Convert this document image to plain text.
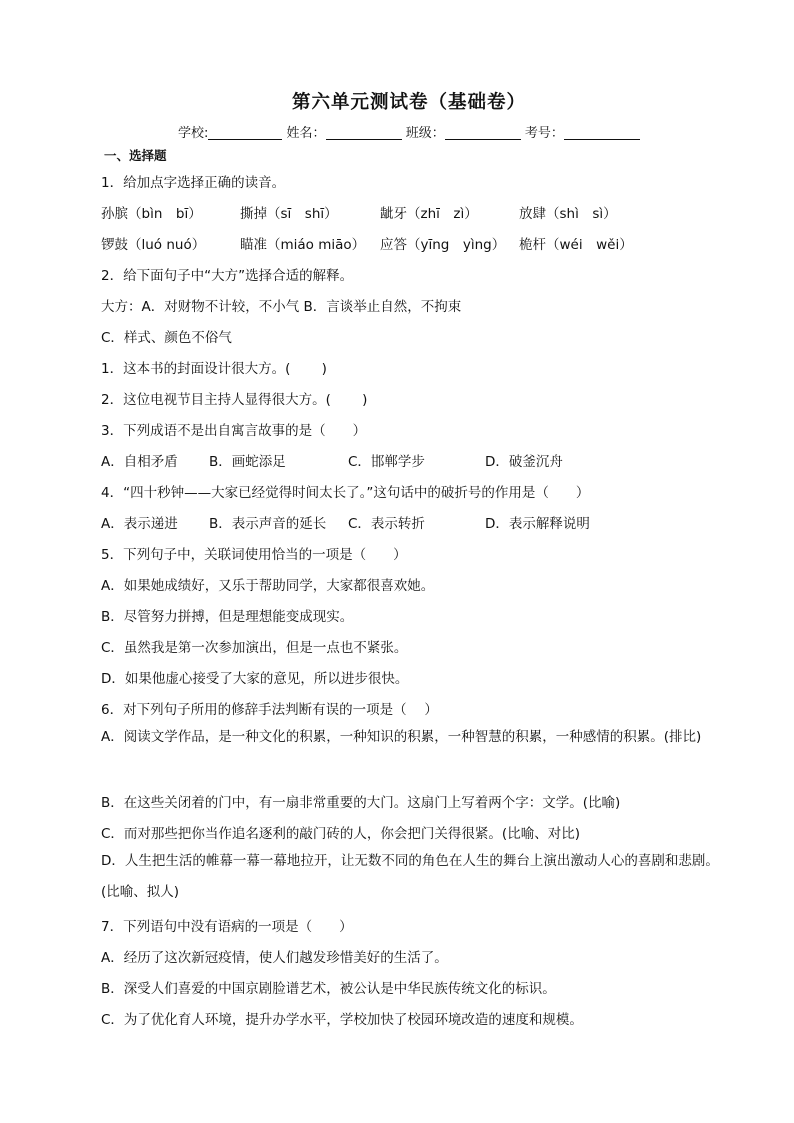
第六单元测试卷（基础卷）
学校:	姓名：	班级：	考号：
一、选择题
1．给加点字选择正确的读音。
孙膑（bìn　bī）	撕掉（sī　shī）	龇牙（zhī　zì）	放肆（shì　sì）
锣鼓（luó nuó）	瞄准（miáo miāo） 应答（yīng　yìng） 桅杆（wéi　wěi）
2．给下面句子中“大方”选择合适的解释。
大方：A．对财物不计较，不小气 B．言谈举止自然，不拘束
C．样式、颜色不俗气
1．这本书的封面设计很大方。(　　 )
2．这位电视节目主持人显得很大方。(　　 )
3．下列成语不是出自寓言故事的是（　　）
A．自相矛盾 B．画蛇添足	C．邯郸学步	D．破釜沉舟
4．“四十秒钟——大家已经觉得时间太长了。”这句话中的破折号的作用是（　　）
A．表示递进 B．表示声音的延长 C．表示转折	D．表示解释说明
5．下列句子中，关联词使用恰当的一项是（　　）
A．如果她成绩好，又乐于帮助同学，大家都很喜欢她。
B．尽管努力拼搏，但是理想能变成现实。
C．虽然我是第一次参加演出，但是一点也不紧张。
D．如果他虚心接受了大家的意见，所以进步很快。
6．对下列句子所用的修辞手法判断有误的一项是（　 ）
A．阅读文学作品，是一种文化的积累，一种知识的积累，一种智慧的积累，一种感情的积累。(排比)
B．在这些关闭着的门中，有一扇非常重要的大门。这扇门上写着两个字：文学。(比喻)
C．而对那些把你当作追名逐利的敲门砖的人，你会把门关得很紧。(比喻、对比)
D．人生把生活的帷幕一幕一幕地拉开，让无数不同的角色在人生的舞台上演出激动人心的喜剧和悲剧。(比喻、拟人)
7．下列语句中没有语病的一项是（　　）
A．经历了这次新冠疫情，使人们越发珍惜美好的生活了。
B．深受人们喜爱的中国京剧脸谱艺术，被公认是中华民族传统文化的标识。
C．为了优化育人环境，提升办学水平，学校加快了校园环境改造的速度和规模。
